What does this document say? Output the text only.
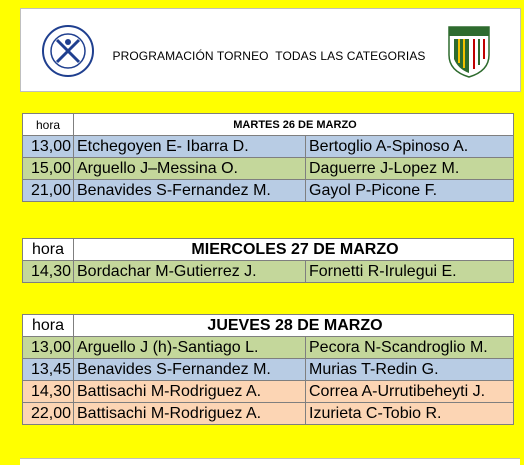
PROGRAMACIÓN TORNEO  TODAS LAS CATEGORIAS
hora	MARTES 26 DE MARZO	
13,00	Etchegoyen E- Ibarra D.	Bertoglio A-Spinoso A.
15,00	Arguello J–Messina O.	Daguerre J-Lopez M.
21,00	Benavides S-Fernandez M.	Gayol P-Picone F.
hora	MIERCOLES 27 DE MARZO	
14,30	Bordachar M-Gutierrez J.	Fornetti R-Irulegui E.
hora	JUEVES 28 DE MARZO	
13,00	Arguello J (h)-Santiago L.	Pecora N-Scandroglio M.
13,45	Benavides S-Fernandez M.	Murias T-Redin G.
14,30	Battisachi M-Rodriguez A.	Correa A-Urrutibeheyti J.
22,00	Battisachi M-Rodriguez A.	Izurieta C-Tobio R.
